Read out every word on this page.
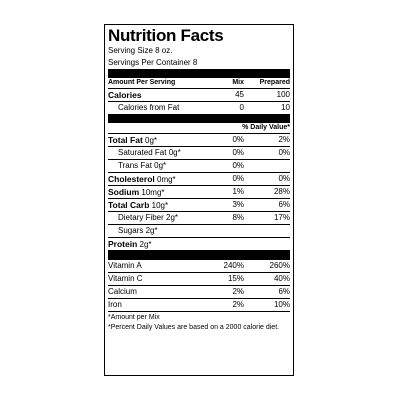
Nutrition Facts
Serving Size 8 oz.
Servings Per Container 8
Amount Per Serving	Mix	Prepared
Calories	45	100
Calories from Fat	0	10
% Daily Value*
Total Fat 0g*	0%	2%
Saturated Fat 0g*	0%	0%
Trans Fat 0g*	0%
Cholesterol 0mg*	0%	0%
Sodium 10mg*	1%	28%
Total Carb 10g*	3%	6%
Dietary Fiber 2g*	8%	17%
Sugars 2g*
Protein 2g*
Vitamin A	240%	260%
Vitamin C	15%	40%
Calcium	2%	6%
Iron	2%	10%
*Amount per Mix
*Percent Daily Values are based on a 2000 calorie diet.
